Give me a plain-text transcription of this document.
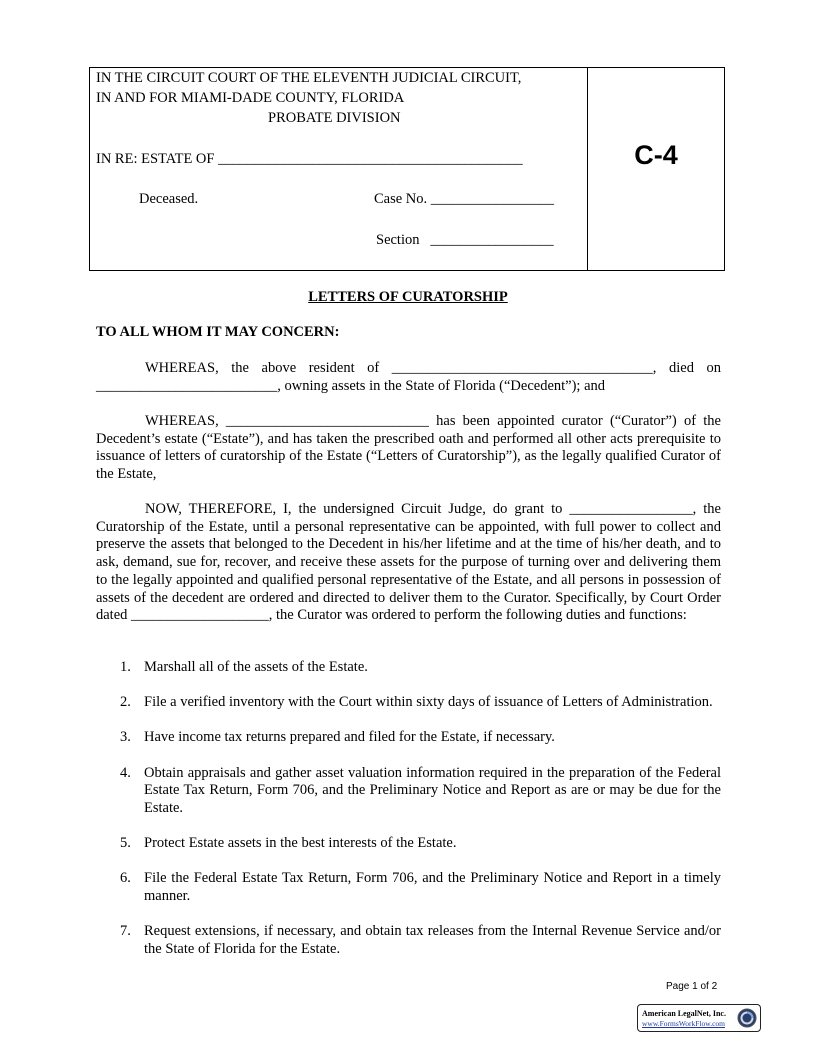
IN THE CIRCUIT COURT OF THE ELEVENTH JUDICIAL CIRCUIT,
IN AND FOR MIAMI-DADE COUNTY, FLORIDA
PROBATE DIVISION
IN RE: ESTATE OF __________________________________________
Deceased.	Case No. _________________
Section   _________________
C-4
LETTERS OF CURATORSHIP
TO ALL WHOM IT MAY CONCERN:
WHEREAS, the above resident of ____________________________________, died on _________________________, owning assets in the State of Florida (“Decedent”); and
WHEREAS, ____________________________ has been appointed curator (“Curator”) of the Decedent’s estate (“Estate”), and has taken the prescribed oath and performed all other acts prerequisite to issuance of letters of curatorship of the Estate (“Letters of Curatorship”), as the legally qualified Curator of the Estate,
NOW, THEREFORE, I, the undersigned Circuit Judge, do grant to _________________, the Curatorship of the Estate, until a personal representative can be appointed, with full power to collect and preserve the assets that belonged to the Decedent in his/her lifetime and at the time of his/her death, and to ask, demand, sue for, recover, and receive these assets for the purpose of turning over and delivering them to the legally appointed and qualified personal representative of the Estate, and all persons in possession of assets of the decedent are ordered and directed to deliver them to the Curator. Specifically, by Court Order dated ___________________, the Curator was ordered to perform the following duties and functions:
1. Marshall all of the assets of the Estate.
2. File a verified inventory with the Court within sixty days of issuance of Letters of Administration.
3. Have income tax returns prepared and filed for the Estate, if necessary.
4. Obtain appraisals and gather asset valuation information required in the preparation of the Federal Estate Tax Return, Form 706, and the Preliminary Notice and Report as are or may be due for the Estate.
5. Protect Estate assets in the best interests of the Estate.
6. File the Federal Estate Tax Return, Form 706, and the Preliminary Notice and Report in a timely manner.
7. Request extensions, if necessary, and obtain tax releases from the Internal Revenue Service and/or the State of Florida for the Estate.
Page 1 of 2
American LegalNet, Inc.
www.FormsWorkFlow.com
